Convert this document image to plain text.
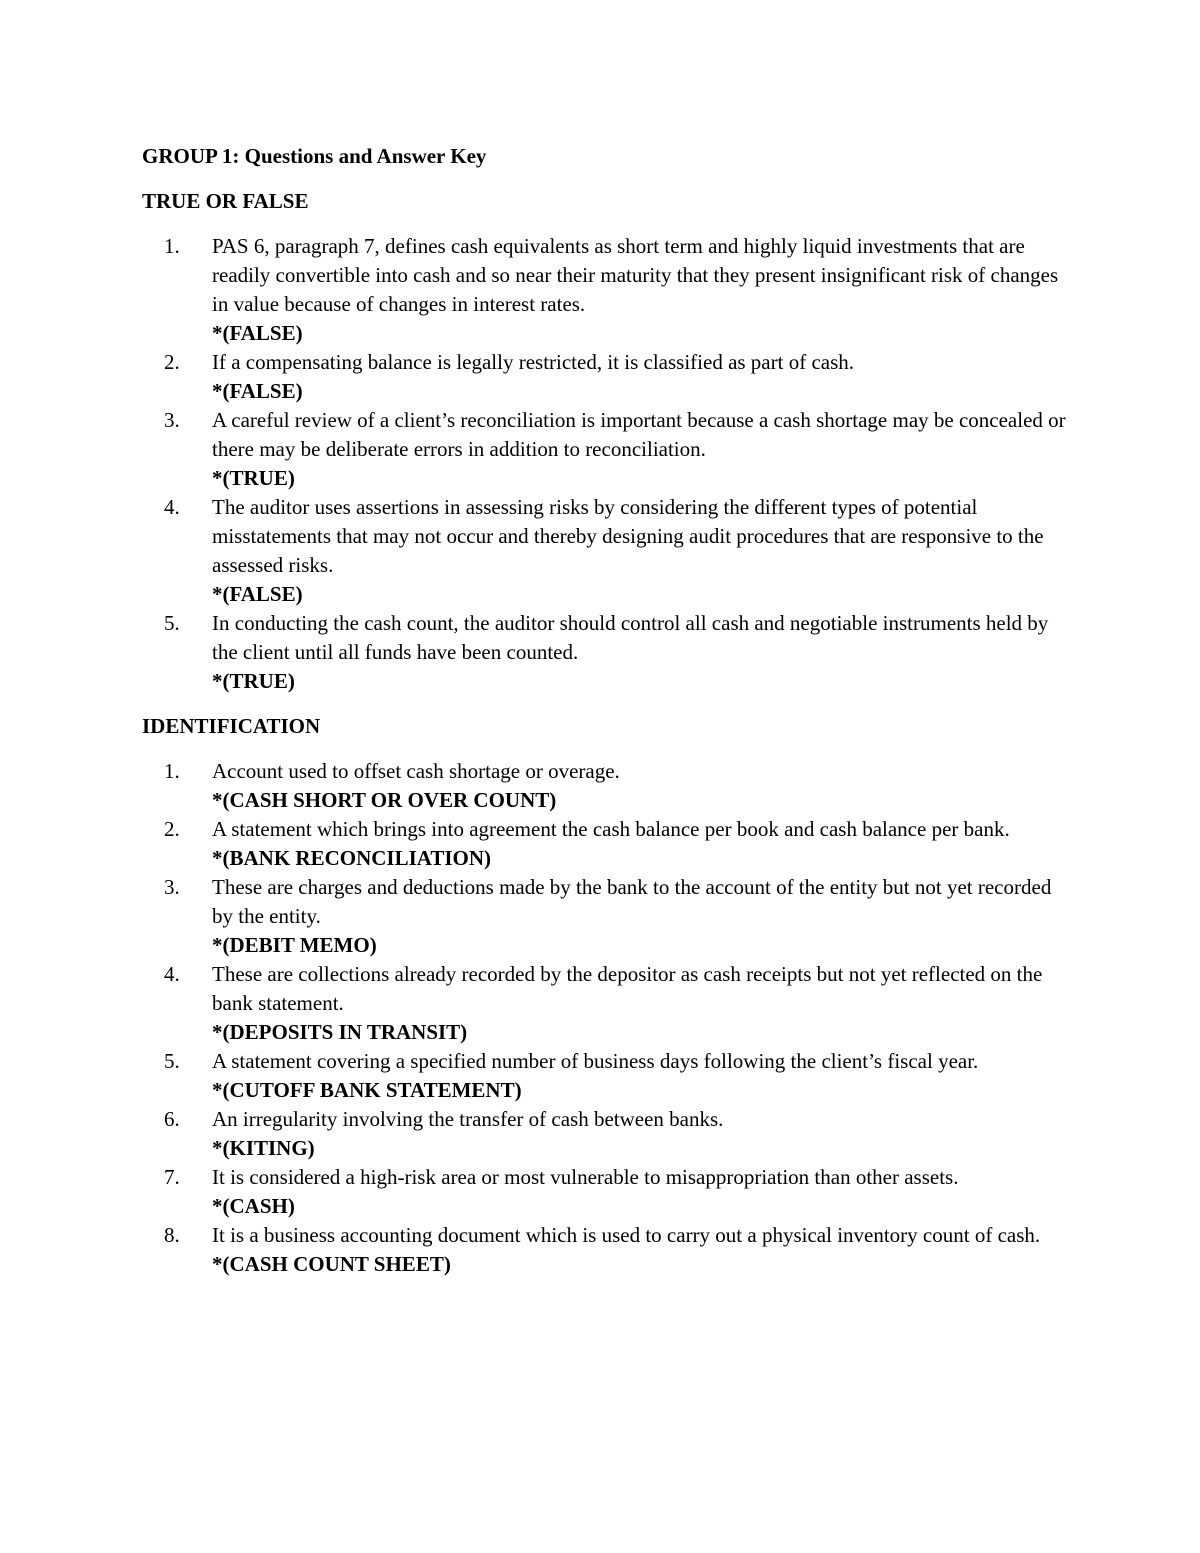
GROUP 1: Questions and Answer Key
TRUE OR FALSE
1. PAS 6, paragraph 7, defines cash equivalents as short term and highly liquid investments that are readily convertible into cash and so near their maturity that they present insignificant risk of changes in value because of changes in interest rates.
*(FALSE)
2. If a compensating balance is legally restricted, it is classified as part of cash.
*(FALSE)
3. A careful review of a client’s reconciliation is important because a cash shortage may be concealed or there may be deliberate errors in addition to reconciliation.
*(TRUE)
4. The auditor uses assertions in assessing risks by considering the different types of potential misstatements that may not occur and thereby designing audit procedures that are responsive to the assessed risks.
*(FALSE)
5. In conducting the cash count, the auditor should control all cash and negotiable instruments held by the client until all funds have been counted.
*(TRUE)
IDENTIFICATION
1. Account used to offset cash shortage or overage.
*(CASH SHORT OR OVER COUNT)
2. A statement which brings into agreement the cash balance per book and cash balance per bank.
*(BANK RECONCILIATION)
3. These are charges and deductions made by the bank to the account of the entity but not yet recorded by the entity.
*(DEBIT MEMO)
4. These are collections already recorded by the depositor as cash receipts but not yet reflected on the bank statement.
*(DEPOSITS IN TRANSIT)
5. A statement covering a specified number of business days following the client’s fiscal year.
*(CUTOFF BANK STATEMENT)
6. An irregularity involving the transfer of cash between banks.
*(KITING)
7. It is considered a high-risk area or most vulnerable to misappropriation than other assets.
*(CASH)
8. It is a business accounting document which is used to carry out a physical inventory count of cash.
*(CASH COUNT SHEET)
